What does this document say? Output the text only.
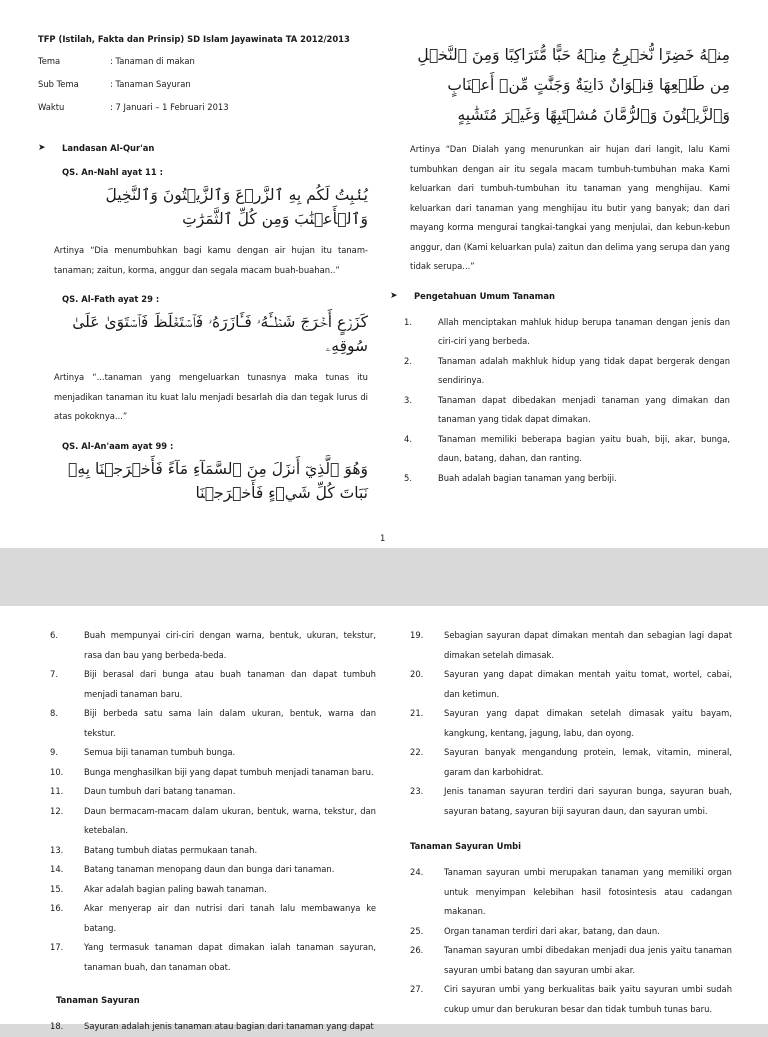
TFP (Istilah, Fakta dan Prinsip) SD Islam Jayawinata TA 2012/2013
Tema	: Tanaman di makan
Sub Tema	: Tanaman Sayuran
Waktu	: 7 Januari – 1 Februari 2013
➤	Landasan Al-Qur'an
QS. An-Nahl ayat 11 :
يُنۢبِتُ لَكُم بِهِ ٱلزَّرۡعَ وَٱلزَّيۡتُونَ وَٱلنَّخِيلَ وَٱلۡأَعۡنَٰبَ وَمِن كُلِّ ٱلثَّمَرَٰتِ
Artinya “Dia menumbuhkan bagi kamu dengan air hujan itu tanam-tanaman; zaitun, korma, anggur dan segala macam buah-buahan..”
QS. Al-Fath ayat 29 :
كَزَرۡعٍ أَخۡرَجَ شَطۡـَٔهُۥ فَـَٔازَرَهُۥ فَٱسۡتَغۡلَظَ فَٱسۡتَوَىٰ عَلَىٰ سُوقِهِۦ
Artinya “...tanaman yang mengeluarkan tunasnya maka tunas itu menjadikan tanaman itu kuat lalu menjadi besarlah dia dan tegak lurus di atas pokoknya...”
QS. Al-An'aam ayat 99 :
وَهُوَ ٱلَّذِيٓ أَنزَلَ مِنَ ٱلسَّمَآءِ مَآءً فَأَخۡرَجۡنَا بِهِۦ نَبَاتَ كُلِّ شَيۡءٍ فَأَخۡرَجۡنَا
مِنۡهُ خَضِرًا نُّخۡرِجُ مِنۡهُ حَبًّا مُّتَرَاكِبًا وَمِنَ ٱلنَّخۡلِ مِن طَلۡعِهَا قِنۡوَانٌ دَانِيَةٌ وَجَنَّٰتٍ مِّنۡ أَعۡنَابٍ وَٱلزَّيۡتُونَ وَٱلرُّمَّانَ مُشۡتَبِهًا وَغَيۡرَ مُتَشَٰبِهٍ
Artinya “Dan Dialah yang menurunkan air hujan dari langit, lalu Kami tumbuhkan dengan air itu segala macam tumbuh-tumbuhan maka Kami keluarkan dari tumbuh-tumbuhan itu tanaman yang menghijau. Kami keluarkan dari tanaman yang menghijau itu butir yang banyak; dan dari mayang korma mengurai tangkai-tangkai yang menjulai, dan kebun-kebun anggur, dan (Kami keluarkan pula) zaitun dan delima yang serupa dan yang tidak serupa...”
➤	Pengetahuan Umum Tanaman
1.	Allah menciptakan mahluk hidup berupa tanaman dengan jenis dan ciri-ciri yang berbeda.
2.	Tanaman adalah makhluk hidup yang tidak dapat bergerak dengan sendirinya.
3.	Tanaman dapat dibedakan menjadi tanaman yang dimakan dan tanaman yang tidak dapat dimakan.
4.	Tanaman memiliki beberapa bagian yaitu buah, biji, akar, bunga, daun, batang, dahan, dan ranting.
5.	Buah adalah bagian tanaman yang berbiji.
1
6.	Buah mempunyai ciri-ciri dengan warna, bentuk, ukuran, tekstur, rasa dan bau yang berbeda-beda.
7.	Biji berasal dari bunga atau buah tanaman dan dapat tumbuh menjadi tanaman baru.
8.	Biji berbeda satu sama lain dalam ukuran, bentuk, warna dan tekstur.
9.	Semua biji tanaman tumbuh bunga.
10.	Bunga menghasilkan biji yang dapat tumbuh menjadi tanaman baru.
11.	Daun tumbuh dari batang tanaman.
12.	Daun bermacam-macam dalam ukuran, bentuk, warna, tekstur, dan ketebalan.
13.	Batang tumbuh diatas permukaan tanah.
14.	Batang tanaman menopang daun dan bunga dari tanaman.
15.	Akar adalah bagian paling bawah tanaman.
16.	Akar menyerap air dan nutrisi dari tanah lalu membawanya ke batang.
17.	Yang termasuk tanaman dapat dimakan ialah tanaman sayuran, tanaman buah, dan tanaman obat.
Tanaman Sayuran
18.	Sayuran adalah jenis tanaman atau bagian dari tanaman yang dapat
19.	Sebagian sayuran dapat dimakan mentah dan sebagian lagi dapat dimakan setelah dimasak.
20.	Sayuran yang dapat dimakan mentah yaitu tomat, wortel, cabai, dan ketimun.
21.	Sayuran yang dapat dimakan setelah dimasak yaitu bayam, kangkung, kentang, jagung, labu, dan oyong.
22.	Sayuran banyak mengandung protein, lemak, vitamin, mineral, garam dan karbohidrat.
23.	Jenis tanaman sayuran terdiri dari sayuran bunga, sayuran buah, sayuran batang, sayuran biji sayuran daun, dan sayuran umbi.
Tanaman Sayuran Umbi
24.	Tanaman sayuran umbi merupakan tanaman yang memiliki organ untuk menyimpan kelebihan hasil fotosintesis atau cadangan makanan.
25.	Organ tanaman terdiri dari akar, batang, dan daun.
26.	Tanaman sayuran umbi dibedakan menjadi dua jenis yaitu tanaman sayuran umbi batang dan sayuran umbi akar.
27.	Ciri sayuran umbi yang berkualitas baik yaitu sayuran umbi sudah cukup umur dan berukuran besar dan tidak tumbuh tunas baru.
